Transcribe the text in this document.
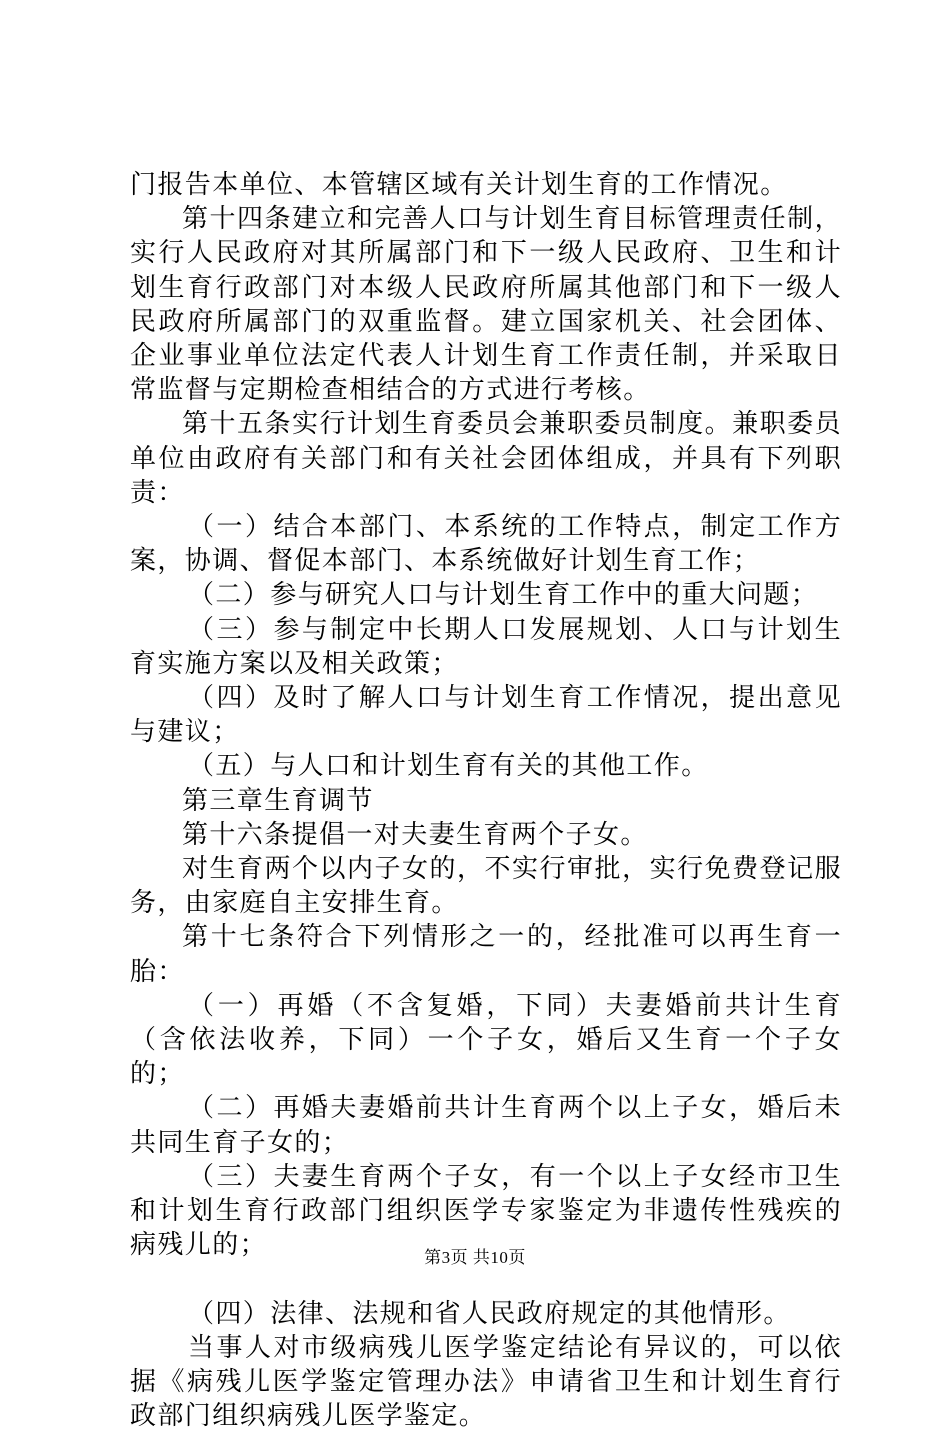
门报告本单位、本管辖区域有关计划生育的工作情况。

第十四条建立和完善人口与计划生育目标管理责任制，实行人民政府对其所属部门和下一级人民政府、卫生和计划生育行政部门对本级人民政府所属其他部门和下一级人民政府所属部门的双重监督。建立国家机关、社会团体、企业事业单位法定代表人计划生育工作责任制，并采取日常监督与定期检查相结合的方式进行考核。

第十五条实行计划生育委员会兼职委员制度。兼职委员单位由政府有关部门和有关社会团体组成，并具有下列职责：

（一）结合本部门、本系统的工作特点，制定工作方案，协调、督促本部门、本系统做好计划生育工作；

（二）参与研究人口与计划生育工作中的重大问题；

（三）参与制定中长期人口发展规划、人口与计划生育实施方案以及相关政策；

（四）及时了解人口与计划生育工作情况，提出意见与建议；

（五）与人口和计划生育有关的其他工作。

第三章生育调节

第十六条提倡一对夫妻生育两个子女。

对生育两个以内子女的，不实行审批，实行免费登记服务，由家庭自主安排生育。

第十七条符合下列情形之一的，经批准可以再生育一胎：

（一）再婚（不含复婚，下同）夫妻婚前共计生育（含依法收养，下同）一个子女，婚后又生育一个子女的；

（二）再婚夫妻婚前共计生育两个以上子女，婚后未共同生育子女的；

（三）夫妻生育两个子女，有一个以上子女经市卫生和计划生育行政部门组织医学专家鉴定为非遗传性残疾的病残儿的；

（四）法律、法规和省人民政府规定的其他情形。

当事人对市级病残儿医学鉴定结论有异议的，可以依据《病残儿医学鉴定管理办法》申请省卫生和计划生育行政部门组织病残儿医学鉴定。

第3页 共10页
